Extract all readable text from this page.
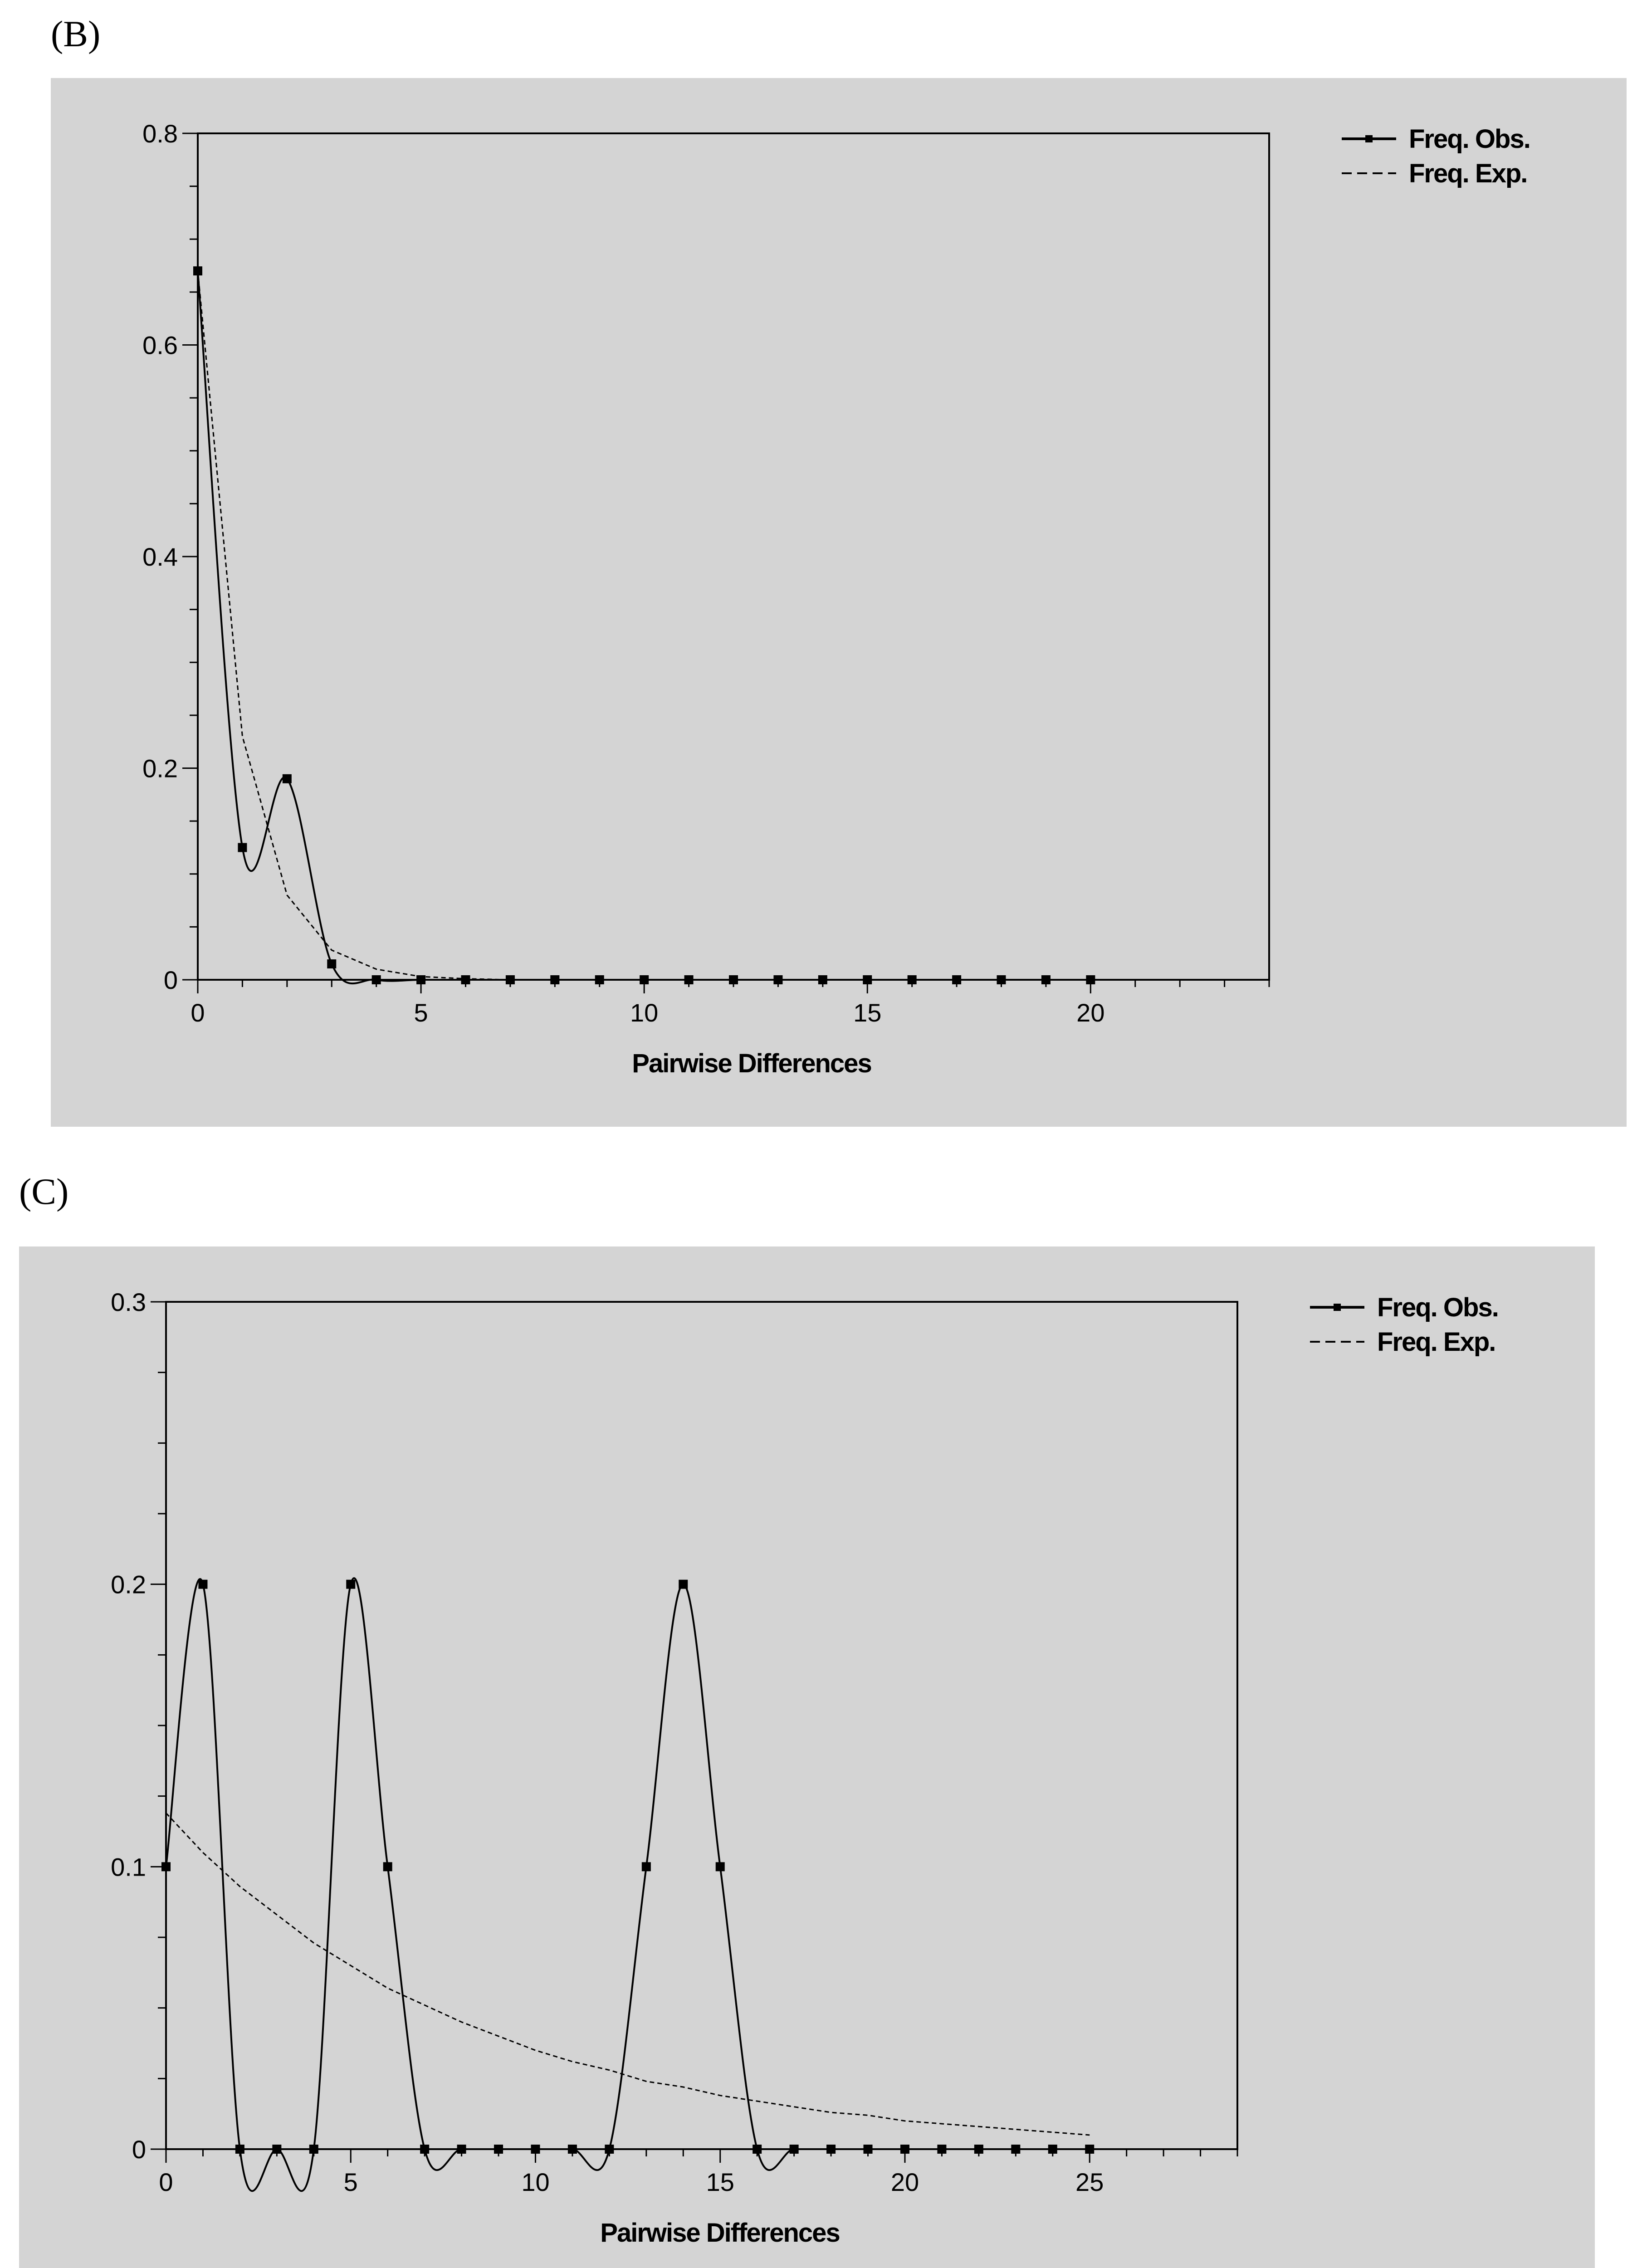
(B)
0
0.2
0.4
0.6
0.8
0	5	10	15	20
Pairwise Differences
Freq. Obs.
Freq. Exp.
(C)
0
0.1
0.2
0.3
0	5	10	15	20	25
Pairwise Differences
Freq. Obs.
Freq. Exp.
